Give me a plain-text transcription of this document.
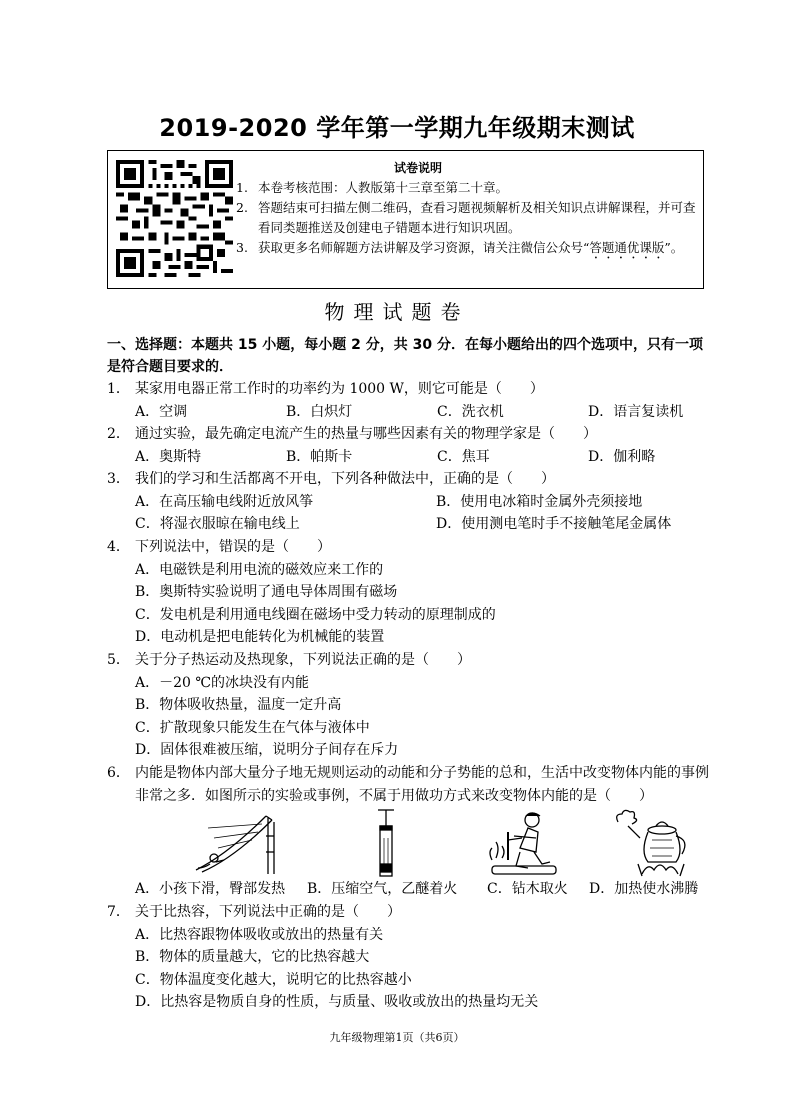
2019-2020 学年第一学期九年级期末测试
试卷说明
1. 本卷考核范围：人教版第十三章至第二十章。
2. 答题结束可扫描左侧二维码，查看习题视频解析及相关知识点讲解课程，并可查看同类题推送及创建电子错题本进行知识巩固。
3. 获取更多名师解题方法讲解及学习资源，请关注微信公众号“答题通优课版”。
物理试题卷
一、选择题：本题共 15 小题，每小题 2 分，共 30 分．在每小题给出的四个选项中，只有一项是符合题目要求的．
1． 某家用电器正常工作时的功率约为 1000 W，则它可能是（　　）
A．空调	B．白炽灯	C．洗衣机	D．语言复读机
2． 通过实验，最先确定电流产生的热量与哪些因素有关的物理学家是（　　）
A．奥斯特	B．帕斯卡	C．焦耳	D．伽利略
3． 我们的学习和生活都离不开电，下列各种做法中，正确的是（　　）
A．在高压输电线附近放风筝	B．使用电冰箱时金属外壳须接地
C．将湿衣服晾在输电线上	D．使用测电笔时手不接触笔尾金属体
4． 下列说法中，错误的是（　　）
A．电磁铁是利用电流的磁效应来工作的
B．奥斯特实验说明了通电导体周围有磁场
C．发电机是利用通电线圈在磁场中受力转动的原理制成的
D．电动机是把电能转化为机械能的装置
5． 关于分子热运动及热现象，下列说法正确的是（　　）
A．－20 ℃的冰块没有内能
B．物体吸收热量，温度一定升高
C．扩散现象只能发生在气体与液体中
D．固体很难被压缩，说明分子间存在斥力
6． 内能是物体内部大量分子地无规则运动的动能和分子势能的总和，生活中改变物体内能的事例非常之多．如图所示的实验或事例，不属于用做功方式来改变物体内能的是（　　）
A．小孩下滑，臀部发热	B．压缩空气，乙醚着火	C．钻木取火	D．加热使水沸腾
7． 关于比热容，下列说法中正确的是（　　）
A．比热容跟物体吸收或放出的热量有关
B．物体的质量越大，它的比热容越大
C．物体温度变化越大，说明它的比热容越小
D．比热容是物质自身的性质，与质量、吸收或放出的热量均无关
九年级物理第1页（共6页）
